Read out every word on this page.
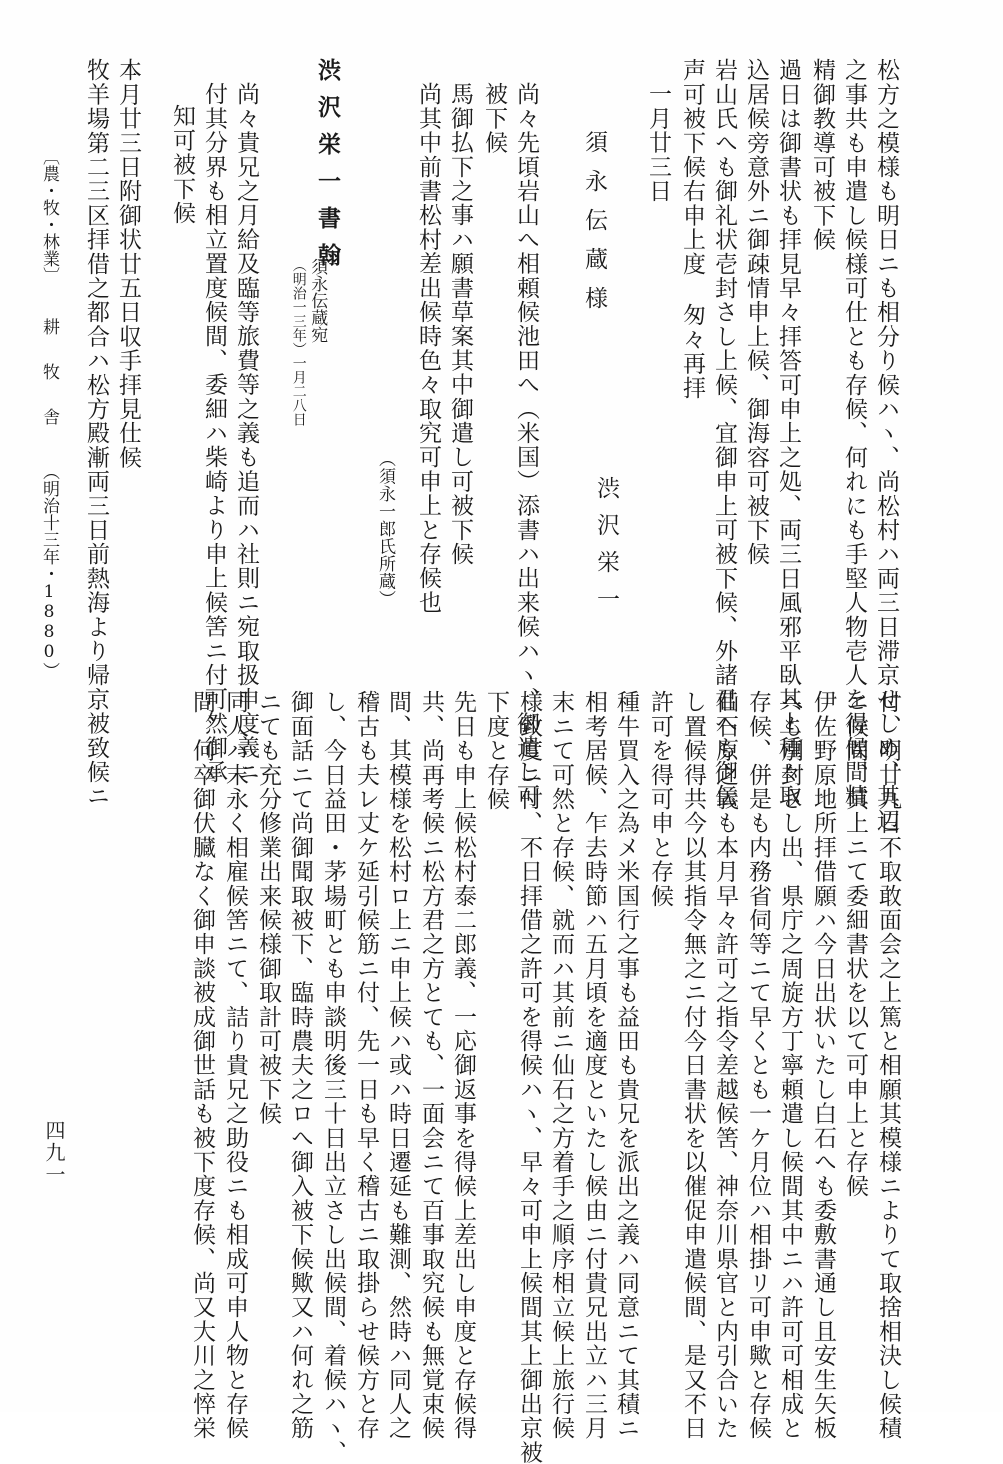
松方之模様も明日ニも相分り候ハヽ、尚松村ハ両三日滞京せしめ、其辺
之事共も申遣し候様可仕とも存候、何れにも手堅人物壱人を得候間精
精御教導可被下候
過日は御書状も拝見早々拝答可申上之処、両三日風邪平臥其上種々取
込居候旁意外ニ御疎情申上候、御海容可被下候
岩山氏へも御礼状壱封さし上候、宜御申上可被下候、外諸君へも御伝
声可被下候右申上度 匆々再拝
一月廿三日
渋沢栄一
須永伝蔵様
尚々先頃岩山へ相頼候池田へ（米国）添書ハ出来候ハヽ、御遣し可
被下候
馬御払下之事ハ願書草案其中御遣し可被下候
尚其中前書松村差出候時色々取究可申上と存候也
（須永一郎氏所蔵）
渋沢栄一書翰
須永伝蔵宛
（明治一三年）一月二八日
尚々貴兄之月給及臨等旅費等之義も追而ハ社則ニ宛取扱申度義ニ
付其分界も相立置度候間、委細ハ柴崎より申上候筈ニ付可然御承
知可被下候
本月廿三日附御状廿五日収手拝見仕候
牧羊場第二三区拝借之都合ハ松方殿漸両三日前熱海より帰京被致候ニ
付、明廿九日不取敢面会之上篤と相願其模様ニよりて取捨相決し候積
ニ候間、其上ニて委細書状を以て可申上と存候
伊佐野原地所拝借願ハ今日出状いたし白石へも委敷書通し且安生矢板
へも別封さし出、県庁之周旋方丁寧頼遣し候間其中ニハ許可可相成と
存候、併是も内務省伺等ニて早くとも一ケ月位ハ相掛リ可申歟と存候
仙石原之義も本月早々許可之指令差越候筈、神奈川県官と内引合いた
し置候得共今以其指令無之ニ付今日書状を以催促申遣候間、是又不日
許可を得可申と存候
種牛買入之為メ米国行之事も益田も貴兄を派出之義ハ同意ニて其積ニ
相考居候、乍去時節ハ五月頃を適度といたし候由ニ付貴兄出立ハ三月
末ニて可然と存候、就而ハ其前ニ仙石之方着手之順序相立候上旅行候
様致度ニ付、不日拝借之許可を得候ハヽ、早々可申上候間其上御出京被
下度と存候
先日も申上候松村泰二郎義、一応御返事を得候上差出し申度と存候得
共、尚再考候ニ松方君之方とても、一面会ニて百事取究候も無覚束候
間、其模様を松村ロ上ニ申上候ハ或ハ時日遷延も難測、然時ハ同人之
稽古も夫レ丈ケ延引候筋ニ付、先一日も早く稽古ニ取掛らせ候方と存
し、今日益田・茅場町とも申談明後三十日出立さし出候間、着候ハヽ、
御面話ニて尚御聞取被下、臨時農夫之ロへ御入被下候歟又ハ何れ之筋
ニても充分修業出来候様御取計可被下候
同人ハ末永く相雇候筈ニて、詰り貴兄之助役ニも相成可申人物と存候
間、何卒御伏臓なく御申談被成御世話も被下度存候、尚又大川之悴栄
〔農・牧・林業〕 耕 牧 舎 （明治十三年・1880）
四九一
